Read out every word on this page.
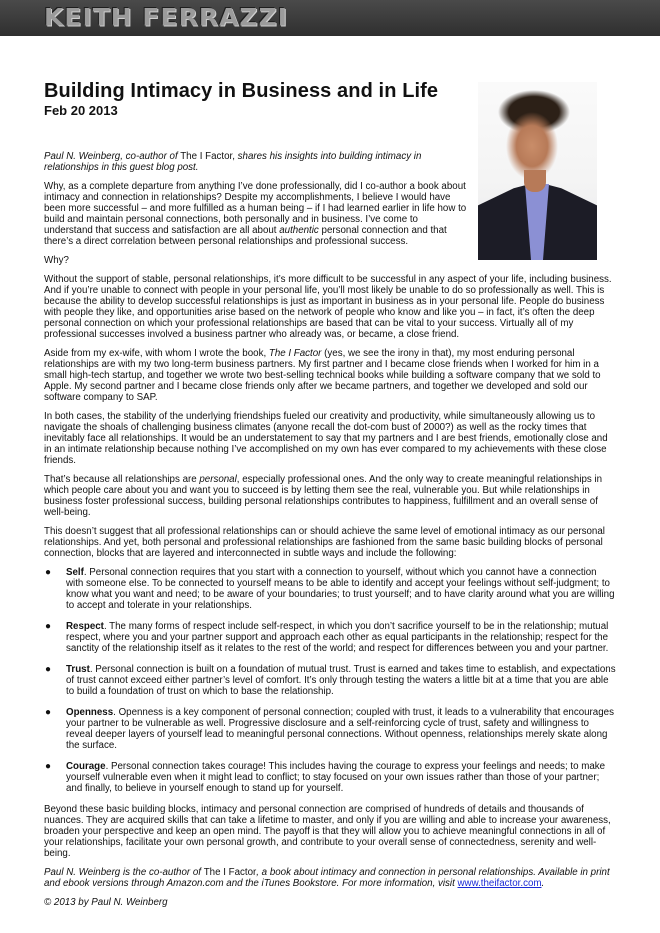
KEITH FERRAZZI
Building Intimacy in Business and in Life
Feb 20 2013

Paul N. Weinberg, co-author of The I Factor, shares his insights into building intimacy in relationships in this guest blog post.

Why, as a complete departure from anything I’ve done professionally, did I co-author a book about intimacy and connection in relationships? Despite my accomplishments, I believe I would have been more successful – and more fulfilled as a human being – if I had learned earlier in life how to build and maintain personal connections, both personally and in business. I’ve come to understand that success and satisfaction are all about authentic personal connection and that there’s a direct correlation between personal relationships and professional success.

Why?

Without the support of stable, personal relationships, it’s more difficult to be successful in any aspect of your life, including business. And if you’re unable to connect with people in your personal life, you’ll most likely be unable to do so professionally as well. This is because the ability to develop successful relationships is just as important in business as in your personal life. People do business with people they like, and opportunities arise based on the network of people who know and like you – in fact, it’s often the deep personal connection on which your professional relationships are based that can be vital to your success. Virtually all of my professional successes involved a business partner who already was, or became, a close friend.

Aside from my ex-wife, with whom I wrote the book, The I Factor (yes, we see the irony in that), my most enduring personal relationships are with my two long-term business partners. My first partner and I became close friends when I worked for him in a small high-tech startup, and together we wrote two best-selling technical books while building a software company that we sold to Apple. My second partner and I became close friends only after we became partners, and together we developed and sold our software company to SAP.

In both cases, the stability of the underlying friendships fueled our creativity and productivity, while simultaneously allowing us to navigate the shoals of challenging business climates (anyone recall the dot-com bust of 2000?) as well as the rocky times that inevitably face all relationships. It would be an understatement to say that my partners and I are best friends, emotionally close and in an intimate relationship because nothing I’ve accomplished on my own has ever compared to my achievements with these close friends.

That’s because all relationships are personal, especially professional ones. And the only way to create meaningful relationships in which people care about you and want you to succeed is by letting them see the real, vulnerable you. But while relationships in business foster professional success, building personal relationships contributes to happiness, fulfillment and an overall sense of well-being.

This doesn’t suggest that all professional relationships can or should achieve the same level of emotional intimacy as our personal relationships. And yet, both personal and professional relationships are fashioned from the same basic building blocks of personal connection, blocks that are layered and interconnected in subtle ways and include the following:

● Self. Personal connection requires that you start with a connection to yourself, without which you cannot have a connection with someone else. To be connected to yourself means to be able to identify and accept your feelings without self-judgment; to know what you want and need; to be aware of your boundaries; to trust yourself; and to have clarity around what you are willing to accept and tolerate in your relationships.
● Respect. The many forms of respect include self-respect, in which you don’t sacrifice yourself to be in the relationship; mutual respect, where you and your partner support and approach each other as equal participants in the relationship; respect for the sanctity of the relationship itself as it relates to the rest of the world; and respect for differences between you and your partner.
● Trust. Personal connection is built on a foundation of mutual trust. Trust is earned and takes time to establish, and expectations of trust cannot exceed either partner’s level of comfort. It’s only through testing the waters a little bit at a time that you are able to build a foundation of trust on which to base the relationship.
● Openness. Openness is a key component of personal connection; coupled with trust, it leads to a vulnerability that encourages your partner to be vulnerable as well. Progressive disclosure and a self-reinforcing cycle of trust, safety and willingness to reveal deeper layers of yourself lead to meaningful personal connections. Without openness, relationships merely skate along the surface.
● Courage. Personal connection takes courage! This includes having the courage to express your feelings and needs; to make yourself vulnerable even when it might lead to conflict; to stay focused on your own issues rather than those of your partner; and finally, to believe in yourself enough to stand up for yourself.

Beyond these basic building blocks, intimacy and personal connection are comprised of hundreds of details and thousands of nuances. They are acquired skills that can take a lifetime to master, and only if you are willing and able to increase your awareness, broaden your perspective and keep an open mind. The payoff is that they will allow you to achieve meaningful connections in all of your relationships, facilitate your own personal growth, and contribute to your overall sense of connectedness, serenity and well-being.

Paul N. Weinberg is the co-author of The I Factor, a book about intimacy and connection in personal relationships. Available in print and ebook versions through Amazon.com and the iTunes Bookstore. For more information, visit www.theifactor.com.

© 2013 by Paul N. Weinberg
